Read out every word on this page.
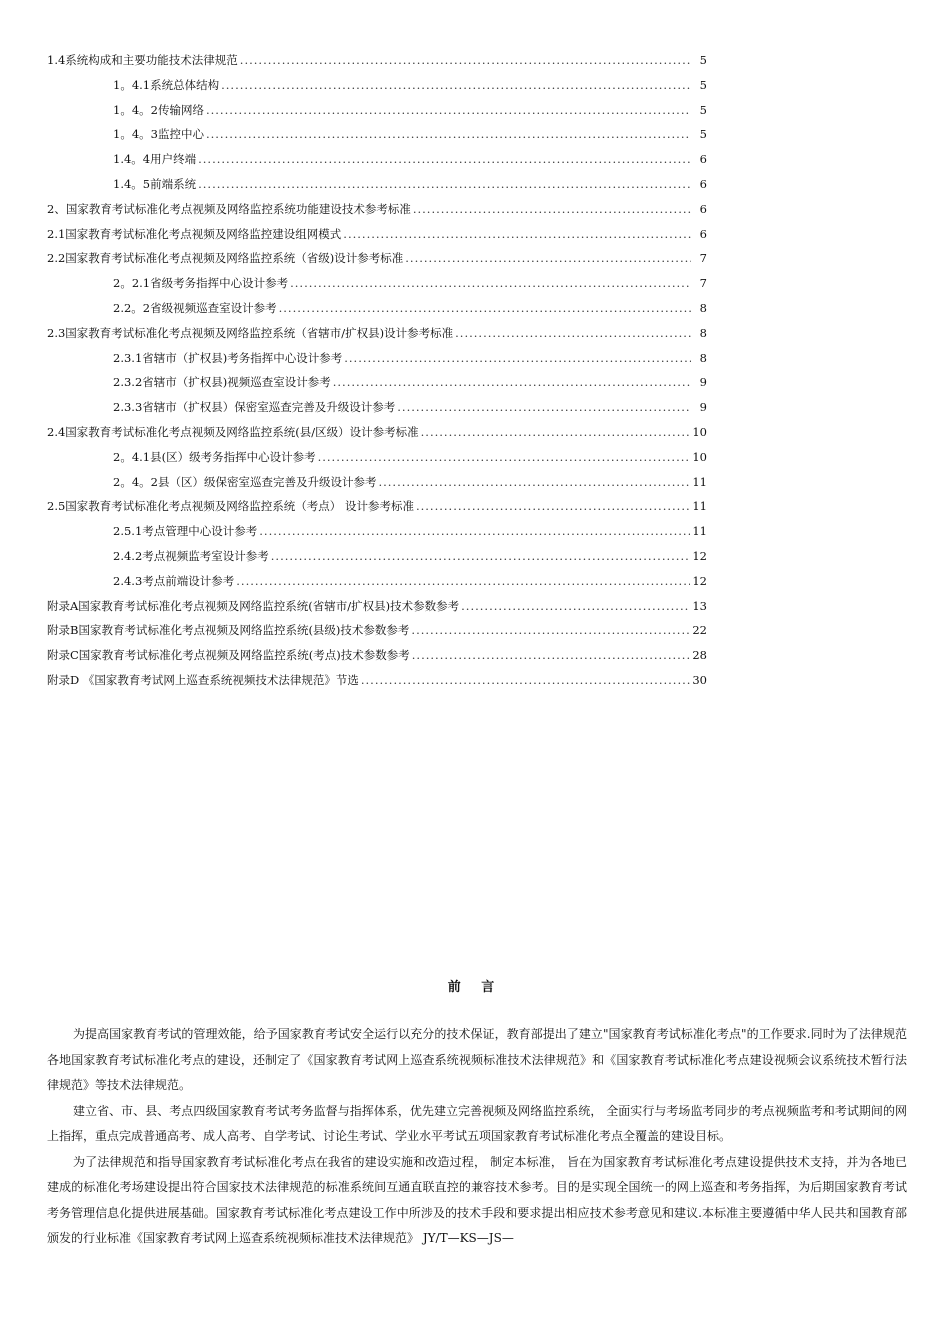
1.4系统构成和主要功能技术法律规范 .....	5
1。4.1系统总体结构 .....	5
1。4。2传输网络 .....	5
1。4。3监控中心 .....	5
1.4。4用户终端 .....	6
1.4。5前端系统 .....	6
2、国家教育考试标准化考点视频及网络监控系统功能建设技术参考标准 .....	6
2.1国家教育考试标准化考点视频及网络监控建设组网模式 .....	6
2.2国家教育考试标准化考点视频及网络监控系统（省级)设计参考标准 .....	7
2。2.1省级考务指挥中心设计参考 .....	7
2.2。2省级视频巡查室设计参考 .....	8
2.3国家教育考试标准化考点视频及网络监控系统（省辖市/扩权县)设计参考标准 .....	8
2.3.1省辖市（扩权县)考务指挥中心设计参考 .....	8
2.3.2省辖市（扩权县)视频巡查室设计参考 .....	9
2.3.3省辖市（扩权县）保密室巡查完善及升级设计参考 .....	9
2.4国家教育考试标准化考点视频及网络监控系统(县/区级）设计参考标准 .....	10
2。4.1县(区）级考务指挥中心设计参考 .....	10
2。4。2县（区）级保密室巡查完善及升级设计参考 .....	11
2.5国家教育考试标准化考点视频及网络监控系统（考点） 设计参考标准 .....	11
2.5.1考点管理中心设计参考 .....	11
2.4.2考点视频监考室设计参考 .....	12
2.4.3考点前端设计参考 .....	12
附录A国家教育考试标准化考点视频及网络监控系统(省辖市/扩权县)技术参数参考 .....	13
附录B国家教育考试标准化考点视频及网络监控系统(县级)技术参数参考 .....	22
附录C国家教育考试标准化考点视频及网络监控系统(考点)技术参数参考 .....	28
附录D 《国家教育考试网上巡查系统视频技术法律规范》节选 .....	30
前 言

为提高国家教育考试的管理效能，给予国家教育考试安全运行以充分的技术保证，教育部提出了建立"国家教育考试标准化考点"的工作要求.同时为了法律规范各地国家教育考试标准化考点的建设，还制定了《国家教育考试网上巡查系统视频标准技术法律规范》和《国家教育考试标准化考点建设视频会议系统技术暂行法律规范》等技术法律规范。

建立省、市、县、考点四级国家教育考试考务监督与指挥体系，优先建立完善视频及网络监控系统， 全面实行与考场监考同步的考点视频监考和考试期间的网上指挥，重点完成普通高考、成人高考、自学考试、讨论生考试、学业水平考试五项国家教育考试标准化考点全覆盖的建设目标。

为了法律规范和指导国家教育考试标准化考点在我省的建设实施和改造过程， 制定本标准， 旨在为国家教育考试标准化考点建设提供技术支持，并为各地已建成的标准化考场建设提出符合国家技术法律规范的标准系统间互通直联直控的兼容技术参考。目的是实现全国统一的网上巡查和考务指挥，为后期国家教育考试考务管理信息化提供进展基础。国家教育考试标准化考点建设工作中所涉及的技术手段和要求提出相应技术参考意见和建议.本标准主要遵循中华人民共和国教育部颁发的行业标准《国家教育考试网上巡查系统视频标准技术法律规范》 JY/T—KS—JS—
